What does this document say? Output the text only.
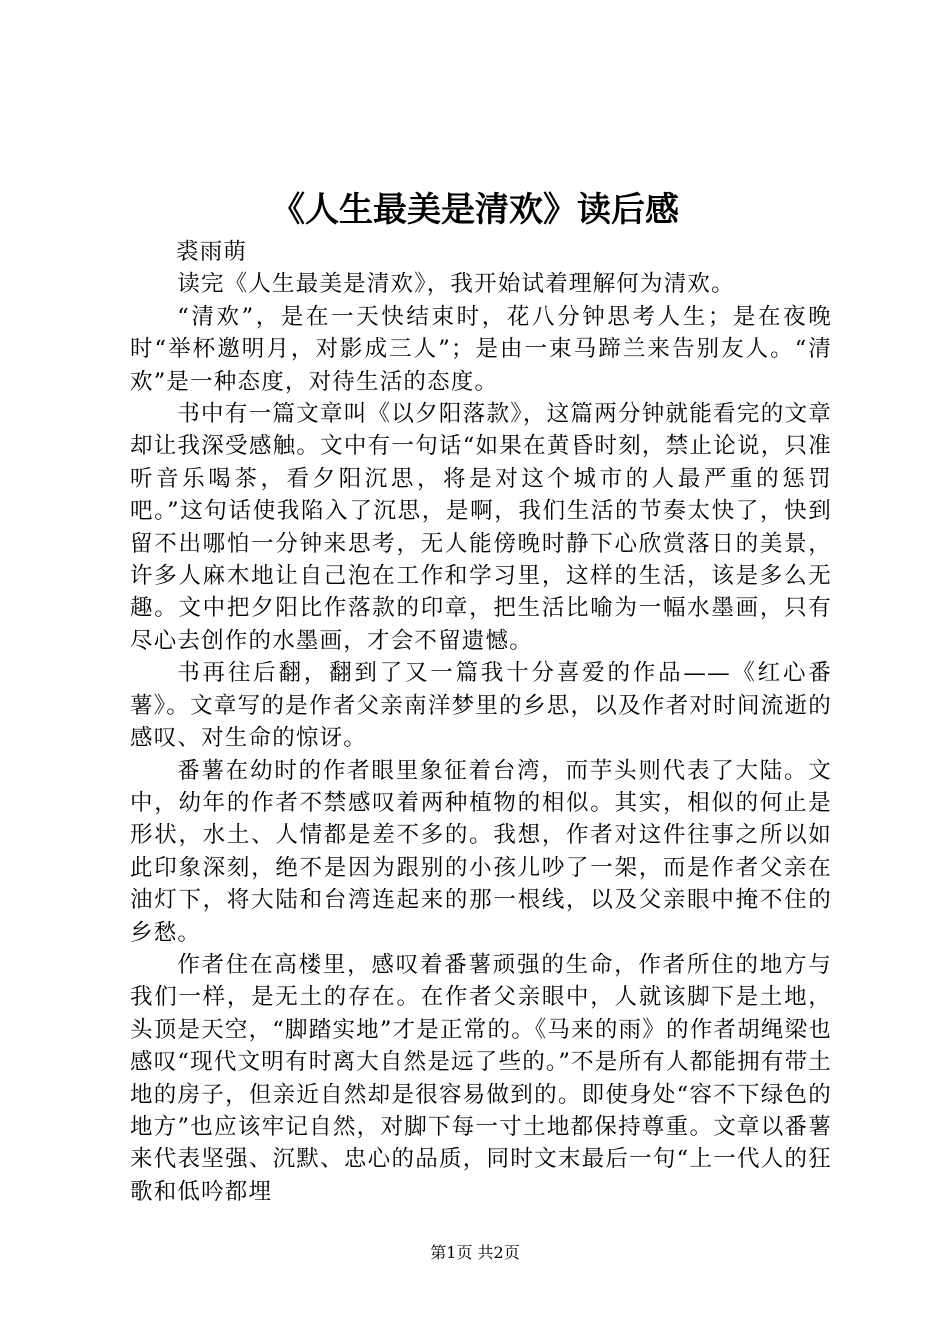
《人生最美是清欢》读后感

裘雨萌

读完《人生最美是清欢》，我开始试着理解何为清欢。

“清欢”，是在一天快结束时，花八分钟思考人生；是在夜晚时“举杯邀明月，对影成三人”；是由一束马蹄兰来告别友人。“清欢”是一种态度，对待生活的态度。

书中有一篇文章叫《以夕阳落款》，这篇两分钟就能看完的文章却让我深受感触。文中有一句话“如果在黄昏时刻，禁止论说，只准听音乐喝茶，看夕阳沉思，将是对这个城市的人最严重的惩罚吧。”这句话使我陷入了沉思，是啊，我们生活的节奏太快了，快到留不出哪怕一分钟来思考，无人能傍晚时静下心欣赏落日的美景，许多人麻木地让自己泡在工作和学习里，这样的生活，该是多么无趣。文中把夕阳比作落款的印章，把生活比喻为一幅水墨画，只有尽心去创作的水墨画，才会不留遗憾。

书再往后翻，翻到了又一篇我十分喜爱的作品——《红心番薯》。文章写的是作者父亲南洋梦里的乡思，以及作者对时间流逝的感叹、对生命的惊讶。

番薯在幼时的作者眼里象征着台湾，而芋头则代表了大陆。文中，幼年的作者不禁感叹着两种植物的相似。其实，相似的何止是形状，水土、人情都是差不多的。我想，作者对这件往事之所以如此印象深刻，绝不是因为跟别的小孩儿吵了一架，而是作者父亲在油灯下，将大陆和台湾连起来的那一根线，以及父亲眼中掩不住的乡愁。

作者住在高楼里，感叹着番薯顽强的生命，作者所住的地方与我们一样，是无土的存在。在作者父亲眼中，人就该脚下是土地，头顶是天空，“脚踏实地”才是正常的。《马来的雨》的作者胡绳梁也感叹“现代文明有时离大自然是远了些的。”不是所有人都能拥有带土地的房子，但亲近自然却是很容易做到的。即使身处“容不下绿色的地方”也应该牢记自然，对脚下每一寸土地都保持尊重。文章以番薯来代表坚强、沉默、忠心的品质，同时文末最后一句“上一代人的狂歌和低吟都埋

第1页 共2页
